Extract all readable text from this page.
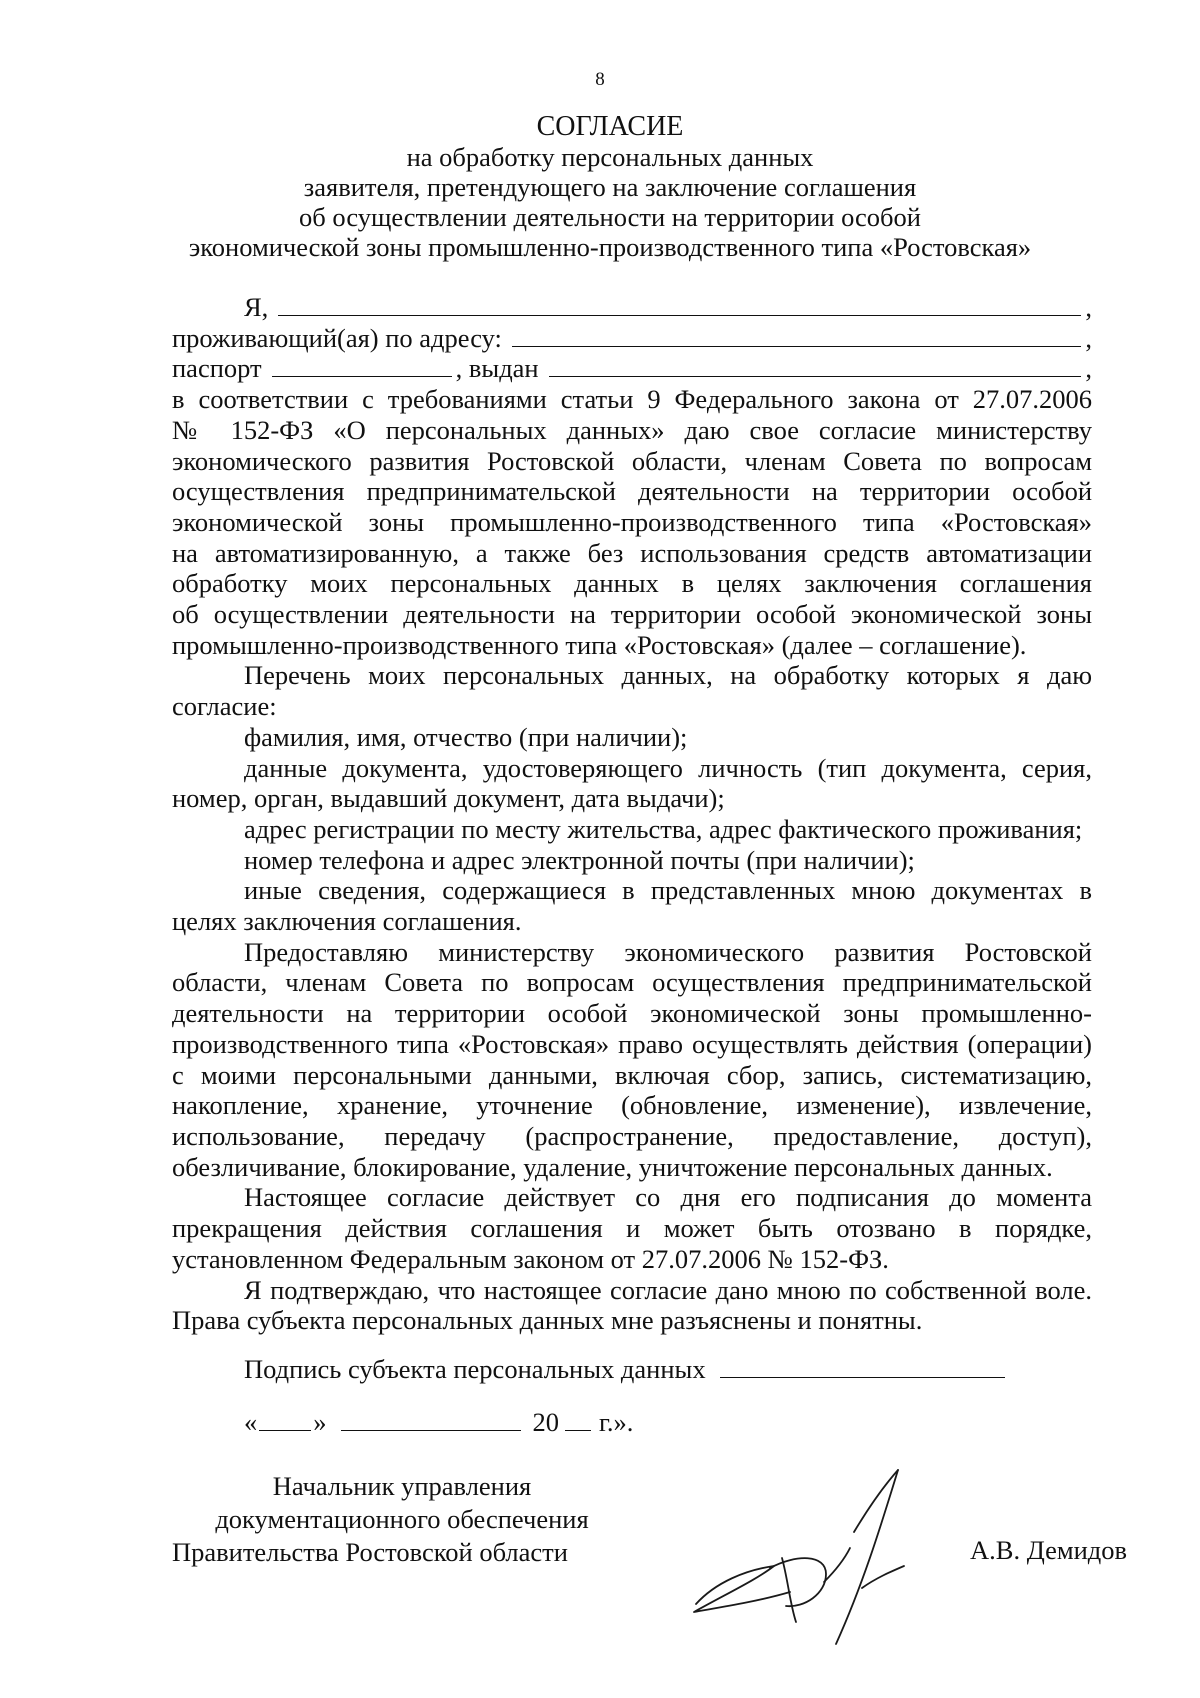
8
СОГЛАСИЕ
на обработку персональных данных
заявителя, претендующего на заключение соглашения
об осуществлении деятельности на территории особой
экономической зоны промышленно-производственного типа «Ростовская»
Я,	,
проживающий(ая) по адресу:	,
паспорт	, выдан	,

в соответствии с требованиями статьи 9 Федерального закона от 27.07.2006

№ 152-ФЗ «О персональных данных» даю свое согласие министерству

экономического развития Ростовской области, членам Совета по вопросам

осуществления предпринимательской деятельности на территории особой

экономической зоны промышленно-производственного типа «Ростовская»

на автоматизированную, а также без использования средств автоматизации

обработку моих персональных данных в целях заключения соглашения

об осуществлении деятельности на территории особой экономической зоны

промышленно-производственного типа «Ростовская» (далее – соглашение).

Перечень моих персональных данных, на обработку которых я даю согласие:

фамилия, имя, отчество (при наличии);

данные документа, удостоверяющего личность (тип документа, серия, номер, орган, выдавший документ, дата выдачи);

адрес регистрации по месту жительства, адрес фактического проживания;

номер телефона и адрес электронной почты (при наличии);

иные сведения, содержащиеся в представленных мною документах в целях заключения соглашения.

Предоставляю министерству экономического развития Ростовской области, членам Совета по вопросам осуществления предпринимательской деятельности на территории особой экономической зоны промышленно-производственного типа «Ростовская» право осуществлять действия (операции) с моими персональными данными, включая сбор, запись, систематизацию, накопление, хранение, уточнение (обновление, изменение), извлечение, использование, передачу (распространение, предоставление, доступ), обезличивание, блокирование, удаление, уничтожение персональных данных.

Настоящее согласие действует со дня его подписания до момента прекращения действия соглашения и может быть отозвано в порядке, установленном Федеральным законом от 27.07.2006 № 152-ФЗ.

Я подтверждаю, что настоящее согласие дано мною по собственной воле. Права субъекта персональных данных мне разъяснены и понятны.

Подпись субъекта персональных данных
« »	20 г.».
Начальник управления
документационного обеспечения
Правительства Ростовской области	А.В. Демидов
